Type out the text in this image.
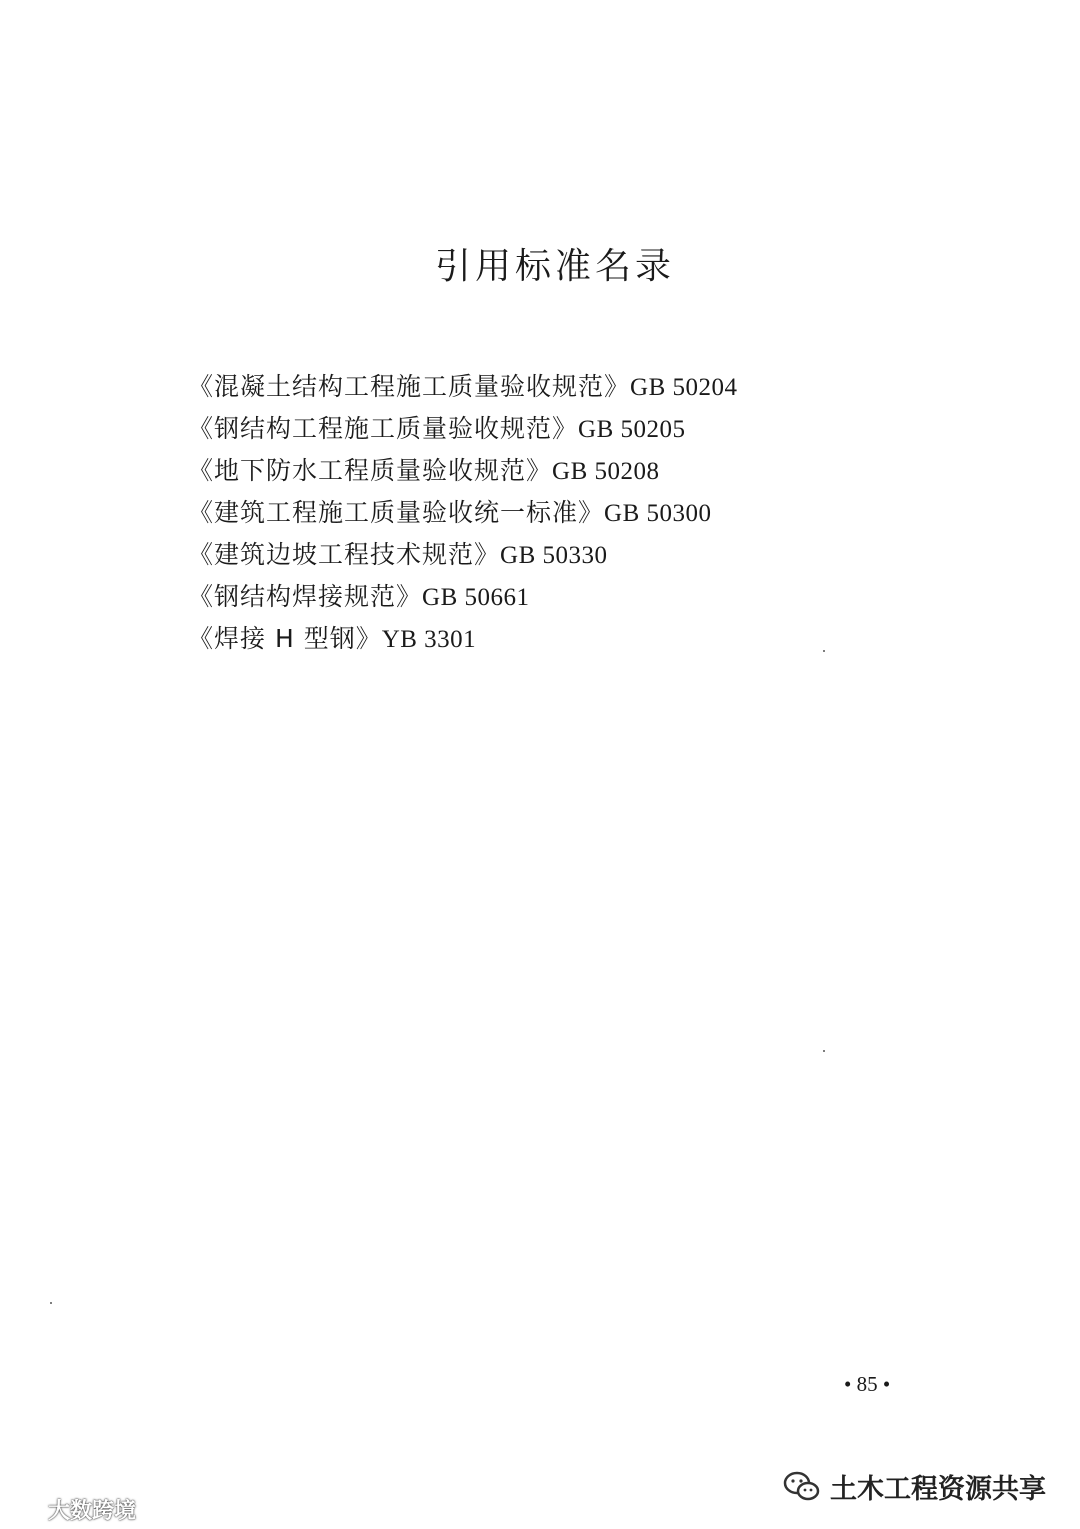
引用标准名录
《混凝土结构工程施工质量验收规范》GB 50204
《钢结构工程施工质量验收规范》GB 50205
《地下防水工程质量验收规范》GB 50208
《建筑工程施工质量验收统一标准》GB 50300
《建筑边坡工程技术规范》GB 50330
《钢结构焊接规范》GB 50661
《焊接 H 型钢》YB 3301
• 85 •
大数跨境
土木工程资源共享
